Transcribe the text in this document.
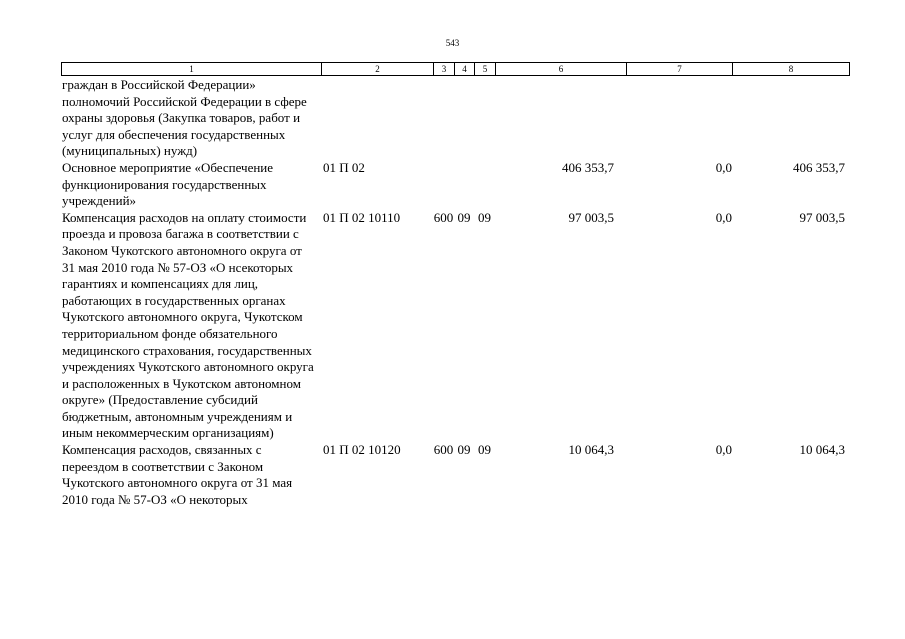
543
1	2	3	4	5	6	7	8
граждан в Российской Федерации» полномочий Российской Федерации в сфере охраны здоровья (Закупка товаров, работ и услуг для обеспечения государственных (муниципальных) нужд)							
Основное мероприятие «Обеспечение функционирования государственных учреждений»	01 П 02				406 353,7	0,0	406 353,7
Компенсация расходов на оплату стоимости проезда и провоза багажа в соответствии с Законом Чукотского автономного округа от 31 мая 2010 года № 57-ОЗ «О нсекоторых гарантиях и компенсациях для лиц, работающих в государственных органах Чукотского автономного округа, Чукотском территориальном фонде обязательного медицинского страхования, государственных учреждениях Чукотского автономного округа и расположенных в Чукотском автономном округе» (Предоставление субсидий бюджетным, автономным учреждениям и иным некоммерческим организациям)	01 П 02 10110	600	09	09	97 003,5	0,0	97 003,5
Компенсация расходов, связанных с переездом в соответствии с Законом Чукотского автономного округа от 31 мая 2010 года № 57-ОЗ «О некоторых	01 П 02 10120	600	09	09	10 064,3	0,0	10 064,3
